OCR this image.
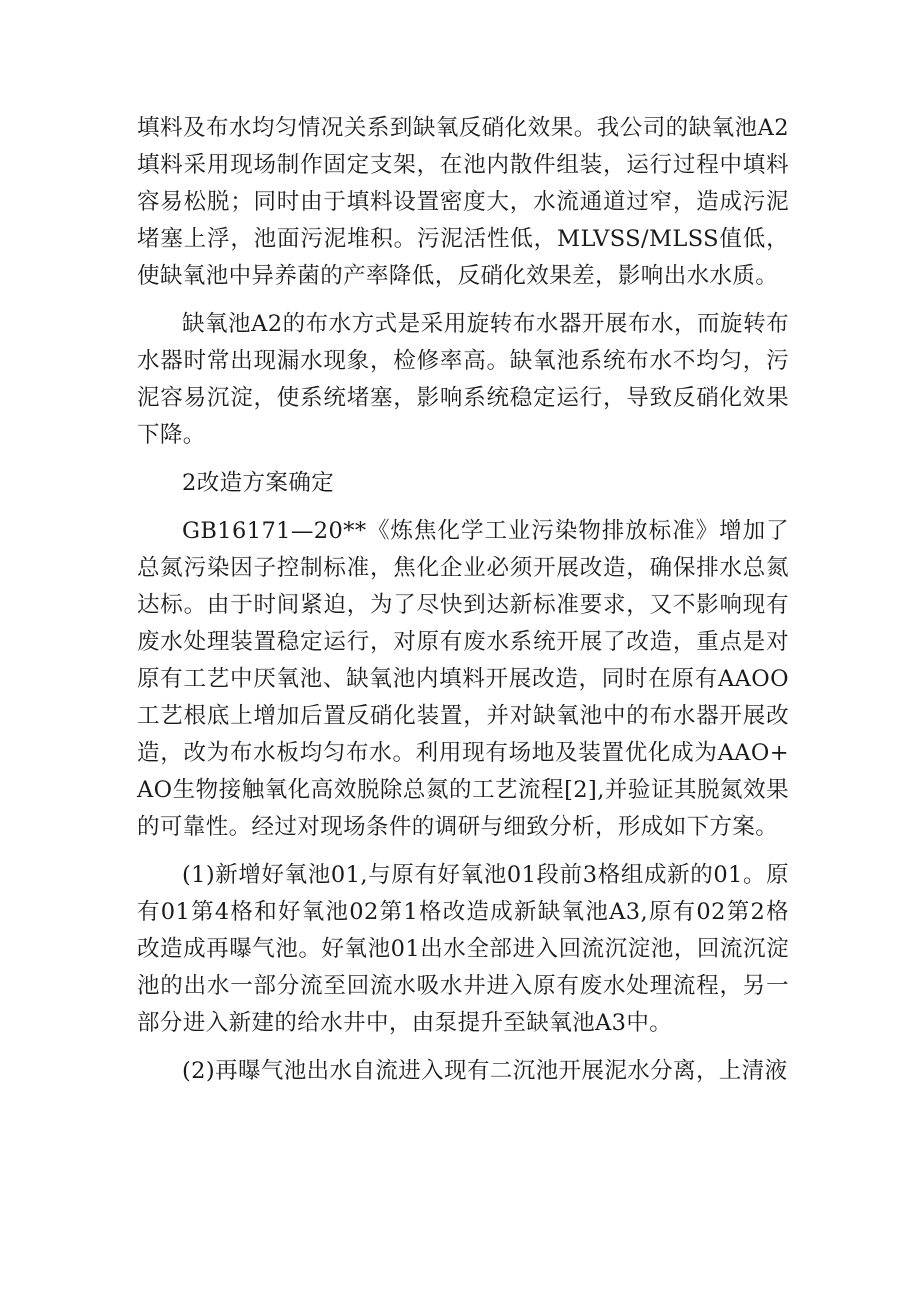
填料及布水均匀情况关系到缺氧反硝化效果。我公司的缺氧池A2填料采用现场制作固定支架，在池内散件组装，运行过程中填料容易松脱；同时由于填料设置密度大，水流通道过窄，造成污泥堵塞上浮，池面污泥堆积。污泥活性低，MLVSS/MLSS值低，使缺氧池中异养菌的产率降低，反硝化效果差，影响出水水质。

缺氧池A2的布水方式是采用旋转布水器开展布水，而旋转布水器时常出现漏水现象，检修率高。缺氧池系统布水不均匀，污泥容易沉淀，使系统堵塞，影响系统稳定运行，导致反硝化效果下降。

2改造方案确定

GB16171—20**《炼焦化学工业污染物排放标准》增加了总氮污染因子控制标准，焦化企业必须开展改造，确保排水总氮达标。由于时间紧迫，为了尽快到达新标准要求，又不影响现有废水处理装置稳定运行，对原有废水系统开展了改造，重点是对原有工艺中厌氧池、缺氧池内填料开展改造，同时在原有AAOO工艺根底上增加后置反硝化装置，并对缺氧池中的布水器开展改造，改为布水板均匀布水。利用现有场地及装置优化成为AAO+AO生物接触氧化高效脱除总氮的工艺流程[2],并验证其脱氮效果的可靠性。经过对现场条件的调研与细致分析，形成如下方案。

(1)新增好氧池01,与原有好氧池01段前3格组成新的01。原有01第4格和好氧池02第1格改造成新缺氧池A3,原有02第2格改造成再曝气池。好氧池01出水全部进入回流沉淀池，回流沉淀池的出水一部分流至回流水吸水井进入原有废水处理流程，另一部分进入新建的给水井中，由泵提升至缺氧池A3中。

(2)再曝气池出水自流进入现有二沉池开展泥水分离，上清液
